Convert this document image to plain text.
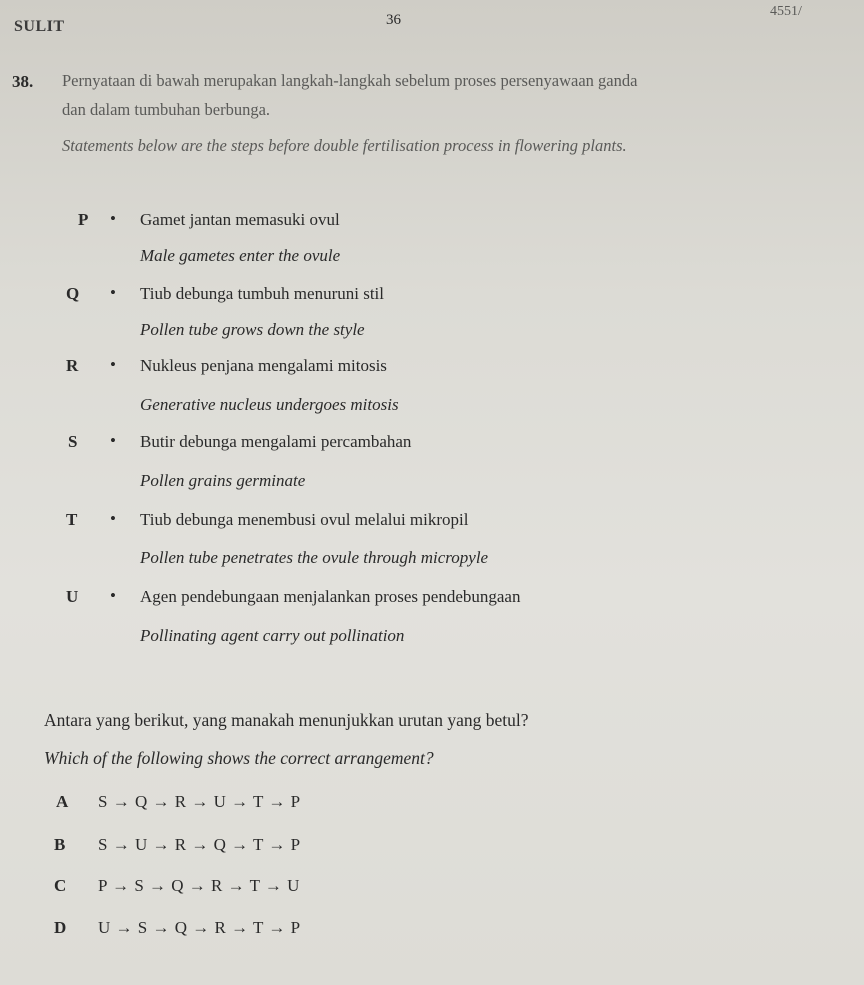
SULIT	36
4551/
38. Pernyataan di bawah merupakan langkah-langkah sebelum proses persenyawaan ganda
dan dalam tumbuhan berbunga.
Statements below are the steps before double fertilisation process in flowering plants.
P • Gamet jantan memasuki ovul
Male gametes enter the ovule
Q • Tiub debunga tumbuh menuruni stil
Pollen tube grows down the style
R • Nukleus penjana mengalami mitosis
Generative nucleus undergoes mitosis
S • Butir debunga mengalami percambahan
Pollen grains germinate
T • Tiub debunga menembusi ovul melalui mikropil
Pollen tube penetrates the ovule through micropyle
U • Agen pendebungaan menjalankan proses pendebungaan
Pollinating agent carry out pollination
Antara yang berikut, yang manakah menunjukkan urutan yang betul?
Which of the following shows the correct arrangement?
A S → Q → R → U → T → P
B S → U → R → Q → T → P
C P → S → Q → R → T → U
D U → S → Q → R → T → P
